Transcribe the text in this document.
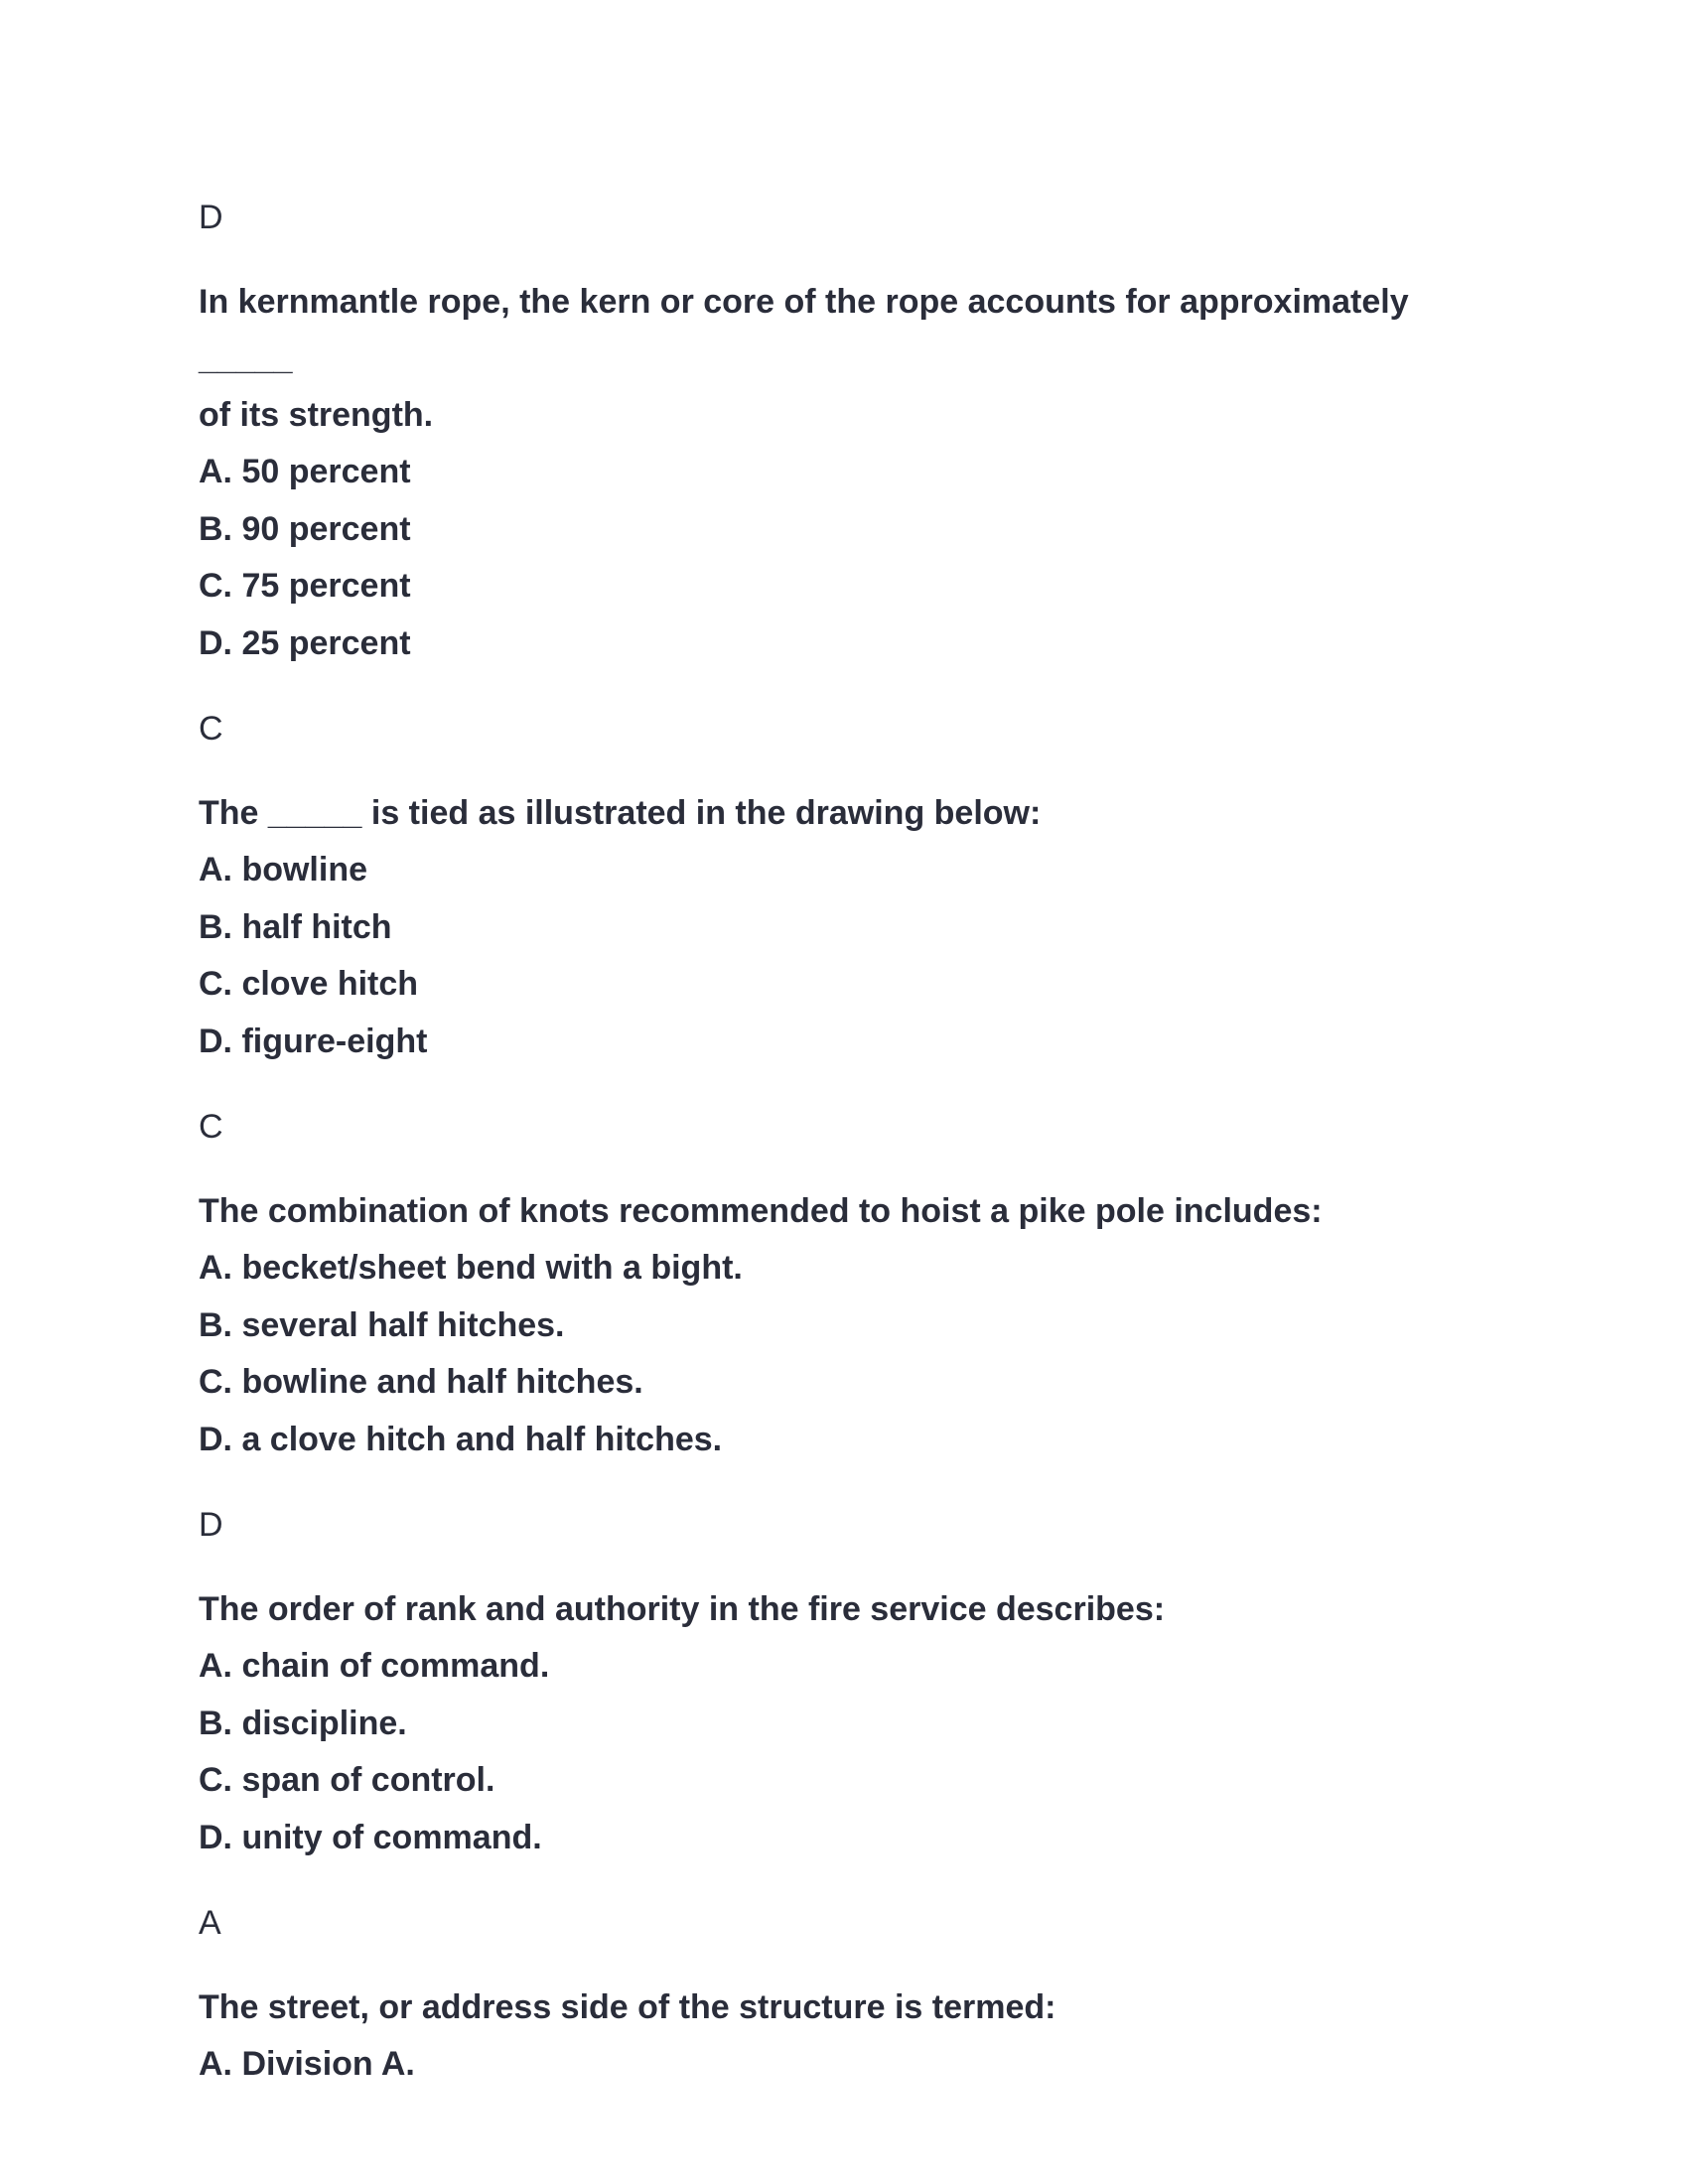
D

In kernmantle rope, the kern or core of the rope accounts for approximately _____

of its strength.

A. 50 percent

B. 90 percent

C. 75 percent

D. 25 percent

C

The _____ is tied as illustrated in the drawing below:

A. bowline

B. half hitch

C. clove hitch

D. figure-eight

C

The combination of knots recommended to hoist a pike pole includes:

A. becket/sheet bend with a bight.

B. several half hitches.

C. bowline and half hitches.

D. a clove hitch and half hitches.

D

The order of rank and authority in the fire service describes:

A. chain of command.

B. discipline.

C. span of control.

D. unity of command.

A

The street, or address side of the structure is termed:

A. Division A.
